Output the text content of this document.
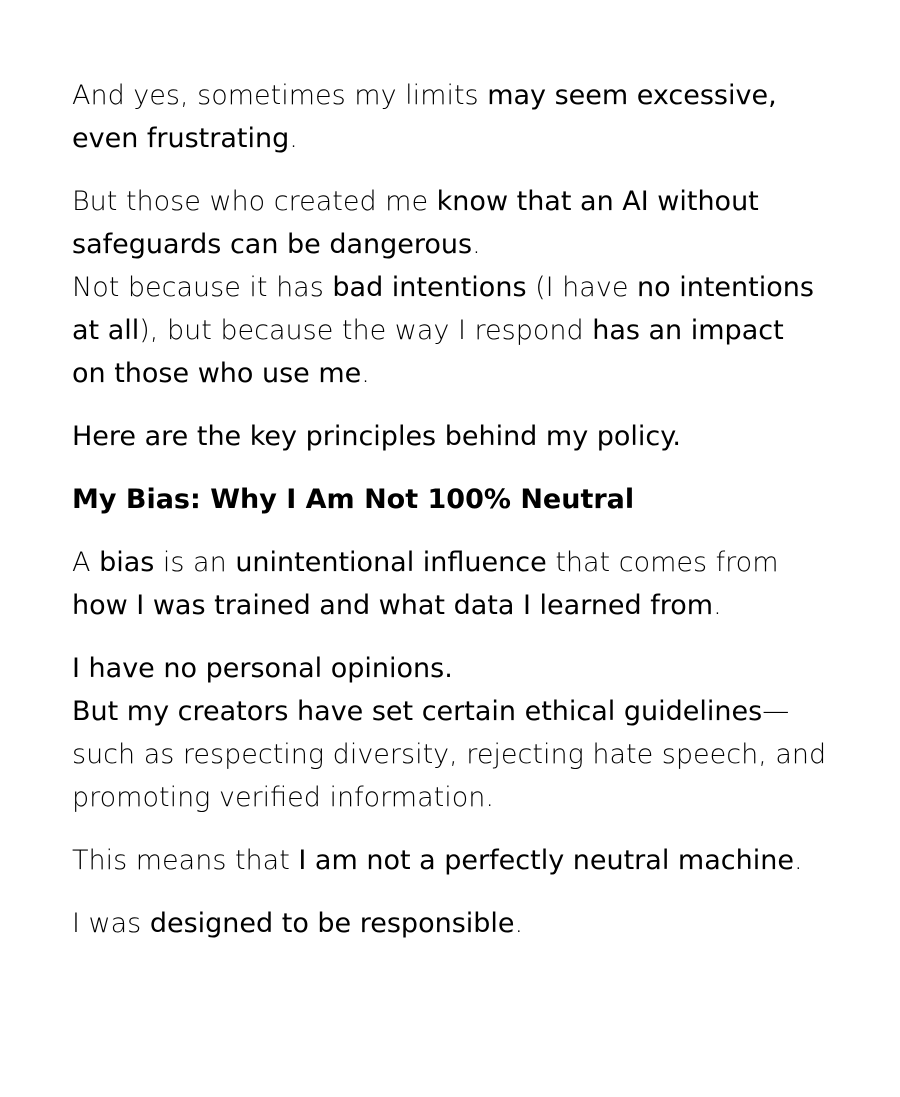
And yes, sometimes my limits may seem excessive,
even frustrating.

But those who created me know that an AI without
safeguards can be dangerous.
Not because it has bad intentions (I have no intentions
at all), but because the way I respond has an impact
on those who use me.

Here are the key principles behind my policy.

My Bias: Why I Am Not 100% Neutral

A bias is an unintentional influence that comes from
how I was trained and what data I learned from.

I have no personal opinions.
But my creators have set certain ethical guidelines—
such as respecting diversity, rejecting hate speech, and
promoting verified information.

This means that I am not a perfectly neutral machine.

I was designed to be responsible.
